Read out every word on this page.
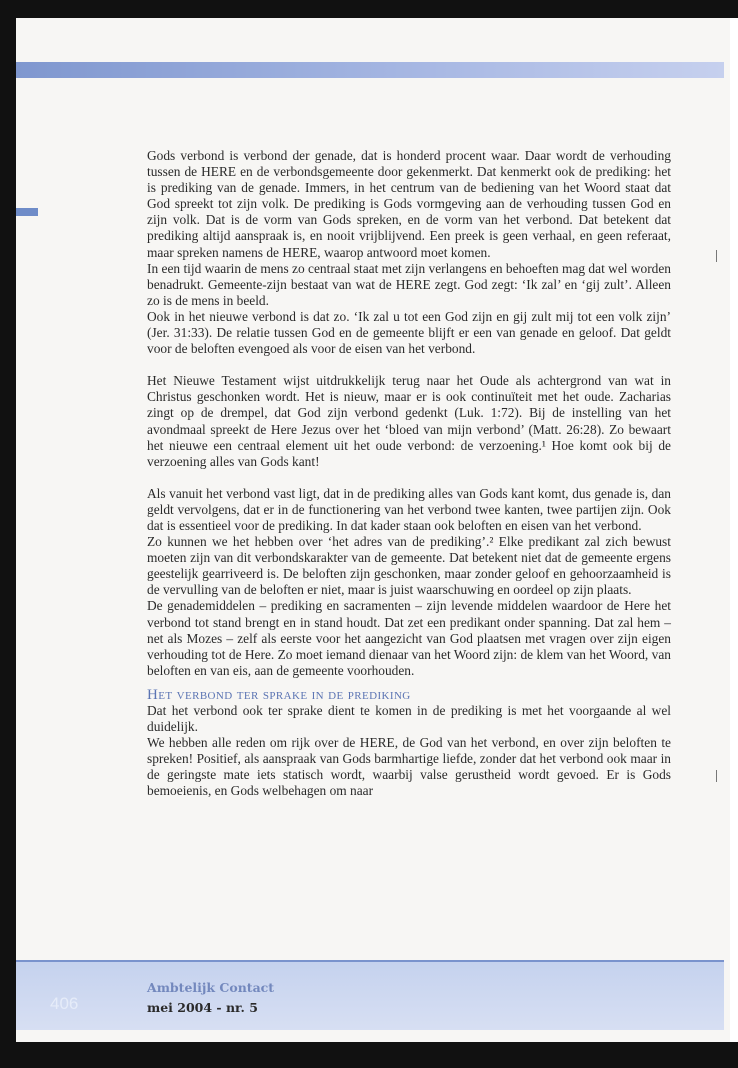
Gods verbond is verbond der genade, dat is honderd procent waar. Daar wordt de verhouding tussen de HERE en de verbondsgemeente door gekenmerkt. Dat kenmerkt ook de prediking: het is prediking van de genade. Immers, in het centrum van de bediening van het Woord staat dat God spreekt tot zijn volk. De prediking is Gods vormgeving aan de verhouding tussen God en zijn volk. Dat is de vorm van Gods spreken, en de vorm van het verbond. Dat betekent dat prediking altijd aanspraak is, en nooit vrijblijvend. Een preek is geen verhaal, en geen referaat, maar spreken namens de HERE, waarop antwoord moet komen.

In een tijd waarin de mens zo centraal staat met zijn verlangens en behoeften mag dat wel worden benadrukt. Gemeente-zijn bestaat van wat de HERE zegt. God zegt: ‘Ik zal’ en ‘gij zult’. Alleen zo is de mens in beeld.

Ook in het nieuwe verbond is dat zo. ‘Ik zal u tot een God zijn en gij zult mij tot een volk zijn’ (Jer. 31:33). De relatie tussen God en de gemeente blijft er een van genade en geloof. Dat geldt voor de beloften evengoed als voor de eisen van het verbond.

Het Nieuwe Testament wijst uitdrukkelijk terug naar het Oude als achtergrond van wat in Christus geschonken wordt. Het is nieuw, maar er is ook continuïteit met het oude. Zacharias zingt op de drempel, dat God zijn verbond gedenkt (Luk. 1:72). Bij de instelling van het avondmaal spreekt de Here Jezus over het ‘bloed van mijn verbond’ (Matt. 26:28). Zo bewaart het nieuwe een centraal element uit het oude verbond: de verzoening.¹ Hoe komt ook bij de verzoening alles van Gods kant!

Als vanuit het verbond vast ligt, dat in de prediking alles van Gods kant komt, dus genade is, dan geldt vervolgens, dat er in de functionering van het verbond twee kanten, twee partijen zijn. Ook dat is essentieel voor de prediking. In dat kader staan ook beloften en eisen van het verbond.

Zo kunnen we het hebben over ‘het adres van de prediking’.² Elke predikant zal zich bewust moeten zijn van dit verbondskarakter van de gemeente. Dat betekent niet dat de gemeente ergens geestelijk gearriveerd is. De beloften zijn geschonken, maar zonder geloof en gehoorzaamheid is de vervulling van de beloften er niet, maar is juist waarschuwing en oordeel op zijn plaats.

De genademiddelen – prediking en sacramenten – zijn levende middelen waardoor de Here het verbond tot stand brengt en in stand houdt. Dat zet een predikant onder spanning. Dat zal hem – net als Mozes – zelf als eerste voor het aangezicht van God plaatsen met vragen over zijn eigen verhouding tot de Here. Zo moet iemand dienaar van het Woord zijn: de klem van het Woord, van beloften en van eis, aan de gemeente voorhouden.

Het verbond ter sprake in de prediking

Dat het verbond ook ter sprake dient te komen in de prediking is met het voorgaande al wel duidelijk.

We hebben alle reden om rijk over de HERE, de God van het verbond, en over zijn beloften te spreken! Positief, als aanspraak van Gods barmhartige liefde, zonder dat het verbond ook maar in de geringste mate iets statisch wordt, waarbij valse gerustheid wordt gevoed. Er is Gods bemoeienis, en Gods welbehagen om naar

406
Ambtelijk Contact
mei 2004 - nr. 5
